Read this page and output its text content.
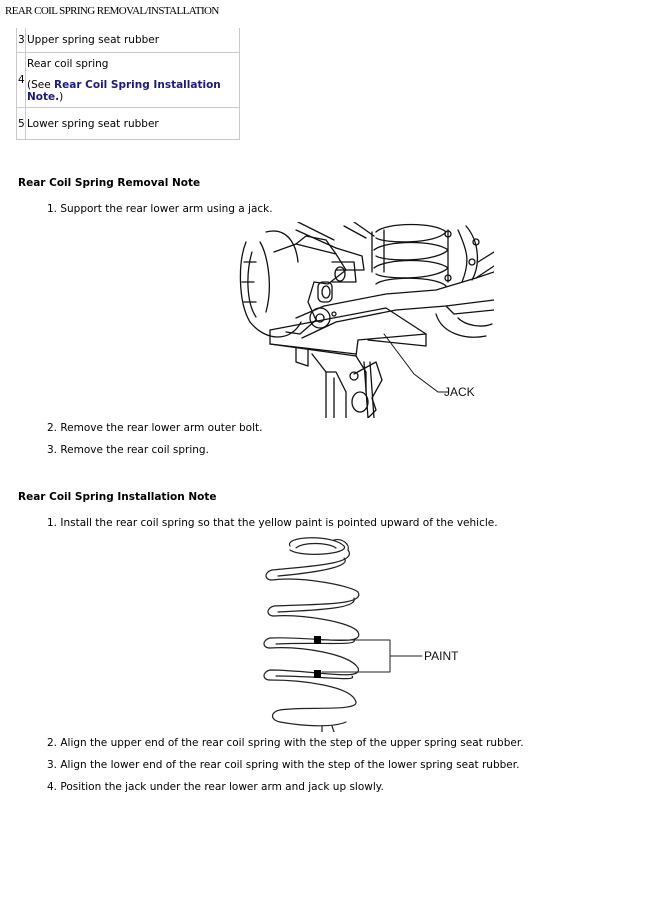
REAR COIL SPRING REMOVAL/INSTALLATION
3	Upper spring seat rubber

4	Rear coil spring
(See Rear Coil Spring Installation Note.)

5	Lower spring seat rubber
Rear Coil Spring Removal Note
1. Support the rear lower arm using a jack.
JACK
2. Remove the rear lower arm outer bolt.
3. Remove the rear coil spring.
Rear Coil Spring Installation Note
1. Install the rear coil spring so that the yellow paint is pointed upward of the vehicle.
PAINT
2. Align the upper end of the rear coil spring with the step of the upper spring seat rubber.
3. Align the lower end of the rear coil spring with the step of the lower spring seat rubber.
4. Position the jack under the rear lower arm and jack up slowly.
